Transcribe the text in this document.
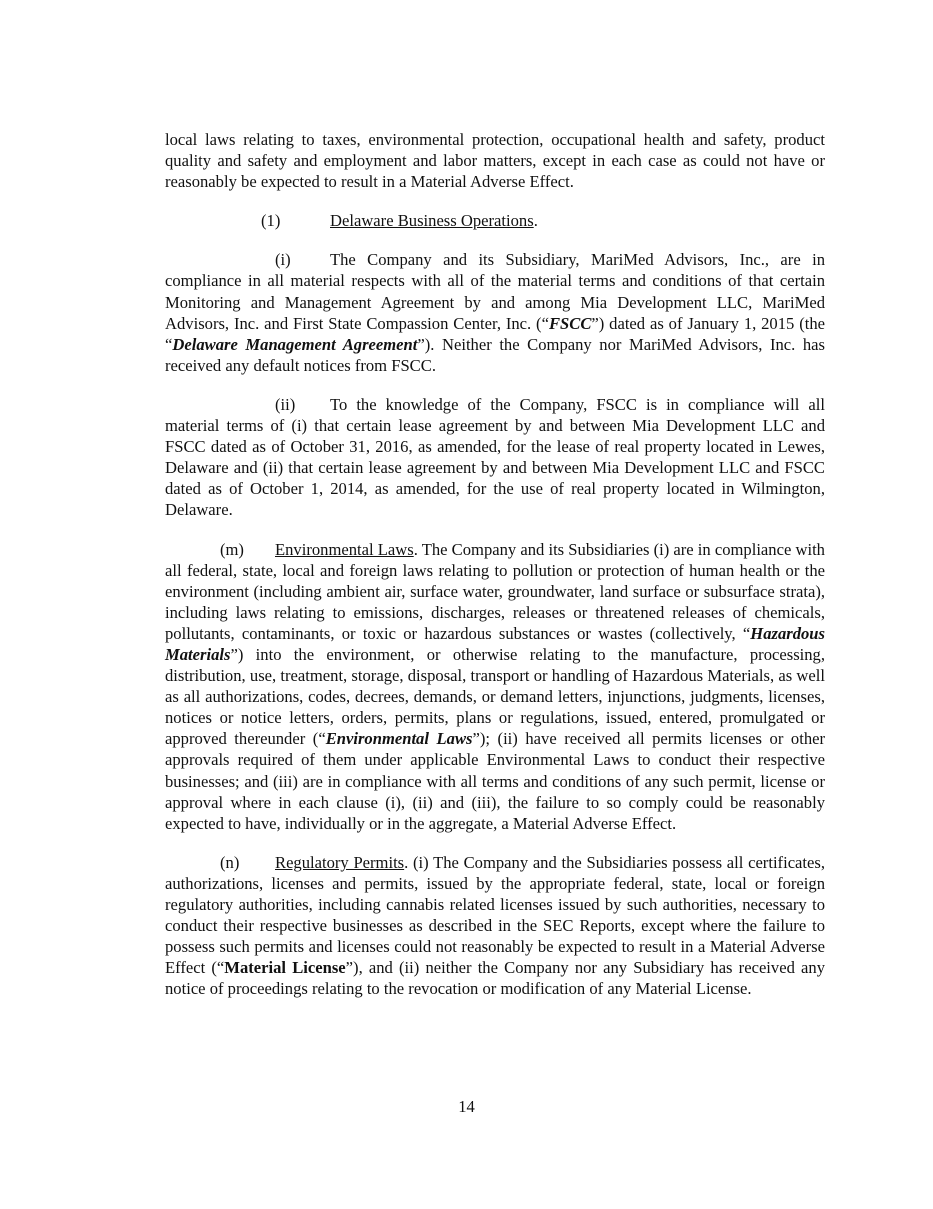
local laws relating to taxes, environmental protection, occupational health and safety, product quality and safety and employment and labor matters, except in each case as could not have or reasonably be expected to result in a Material Adverse Effect.

(1)	Delaware Business Operations.

(i) The Company and its Subsidiary, MariMed Advisors, Inc., are in compliance in all material respects with all of the material terms and conditions of that certain Monitoring and Management Agreement by and among Mia Development LLC, MariMed Advisors, Inc. and First State Compassion Center, Inc. (“FSCC”) dated as of January 1, 2015 (the “Delaware Management Agreement”). Neither the Company nor MariMed Advisors, Inc. has received any default notices from FSCC.

(ii) To the knowledge of the Company, FSCC is in compliance will all material terms of (i) that certain lease agreement by and between Mia Development LLC and FSCC dated as of October 31, 2016, as amended, for the lease of real property located in Lewes, Delaware and (ii) that certain lease agreement by and between Mia Development LLC and FSCC dated as of October 1, 2014, as amended, for the use of real property located in Wilmington, Delaware.

(m) Environmental Laws. The Company and its Subsidiaries (i) are in compliance with all federal, state, local and foreign laws relating to pollution or protection of human health or the environment (including ambient air, surface water, groundwater, land surface or subsurface strata), including laws relating to emissions, discharges, releases or threatened releases of chemicals, pollutants, contaminants, or toxic or hazardous substances or wastes (collectively, “Hazardous Materials”) into the environment, or otherwise relating to the manufacture, processing, distribution, use, treatment, storage, disposal, transport or handling of Hazardous Materials, as well as all authorizations, codes, decrees, demands, or demand letters, injunctions, judgments, licenses, notices or notice letters, orders, permits, plans or regulations, issued, entered, promulgated or approved thereunder (“Environmental Laws”); (ii) have received all permits licenses or other approvals required of them under applicable Environmental Laws to conduct their respective businesses; and (iii) are in compliance with all terms and conditions of any such permit, license or approval where in each clause (i), (ii) and (iii), the failure to so comply could be reasonably expected to have, individually or in the aggregate, a Material Adverse Effect.

(n) Regulatory Permits. (i) The Company and the Subsidiaries possess all certificates, authorizations, licenses and permits, issued by the appropriate federal, state, local or foreign regulatory authorities, including cannabis related licenses issued by such authorities, necessary to conduct their respective businesses as described in the SEC Reports, except where the failure to possess such permits and licenses could not reasonably be expected to result in a Material Adverse Effect (“Material License”), and (ii) neither the Company nor any Subsidiary has received any notice of proceedings relating to the revocation or modification of any Material License.

14
